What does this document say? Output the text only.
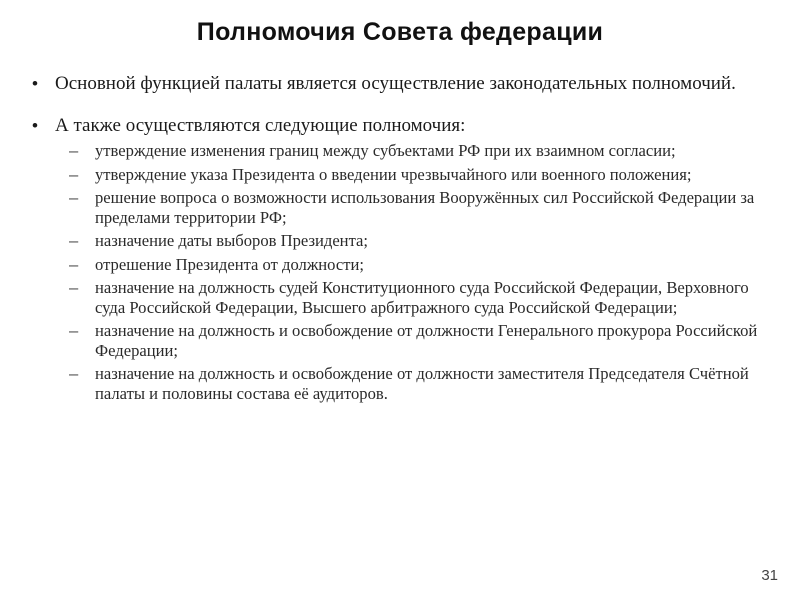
Полномочия Совета федерации
• Основной функцией палаты является осуществление законодательных полномочий.
• А также осуществляются следующие полномочия:
– утверждение изменения границ между субъектами РФ при их взаимном согласии;
– утверждение указа Президента о введении чрезвычайного или военного положения;
– решение вопроса о возможности использования Вооружённых сил Российской Федерации за пределами территории РФ;
– назначение даты выборов Президента;
– отрешение Президента от должности;
– назначение на должность судей Конституционного суда Российской Федерации, Верховного суда Российской Федерации, Высшего арбитражного суда Российской Федерации;
– назначение на должность и освобождение от должности Генерального прокурора Российской Федерации;
– назначение на должность и освобождение от должности заместителя Председателя Счётной палаты и половины состава её аудиторов.
31
